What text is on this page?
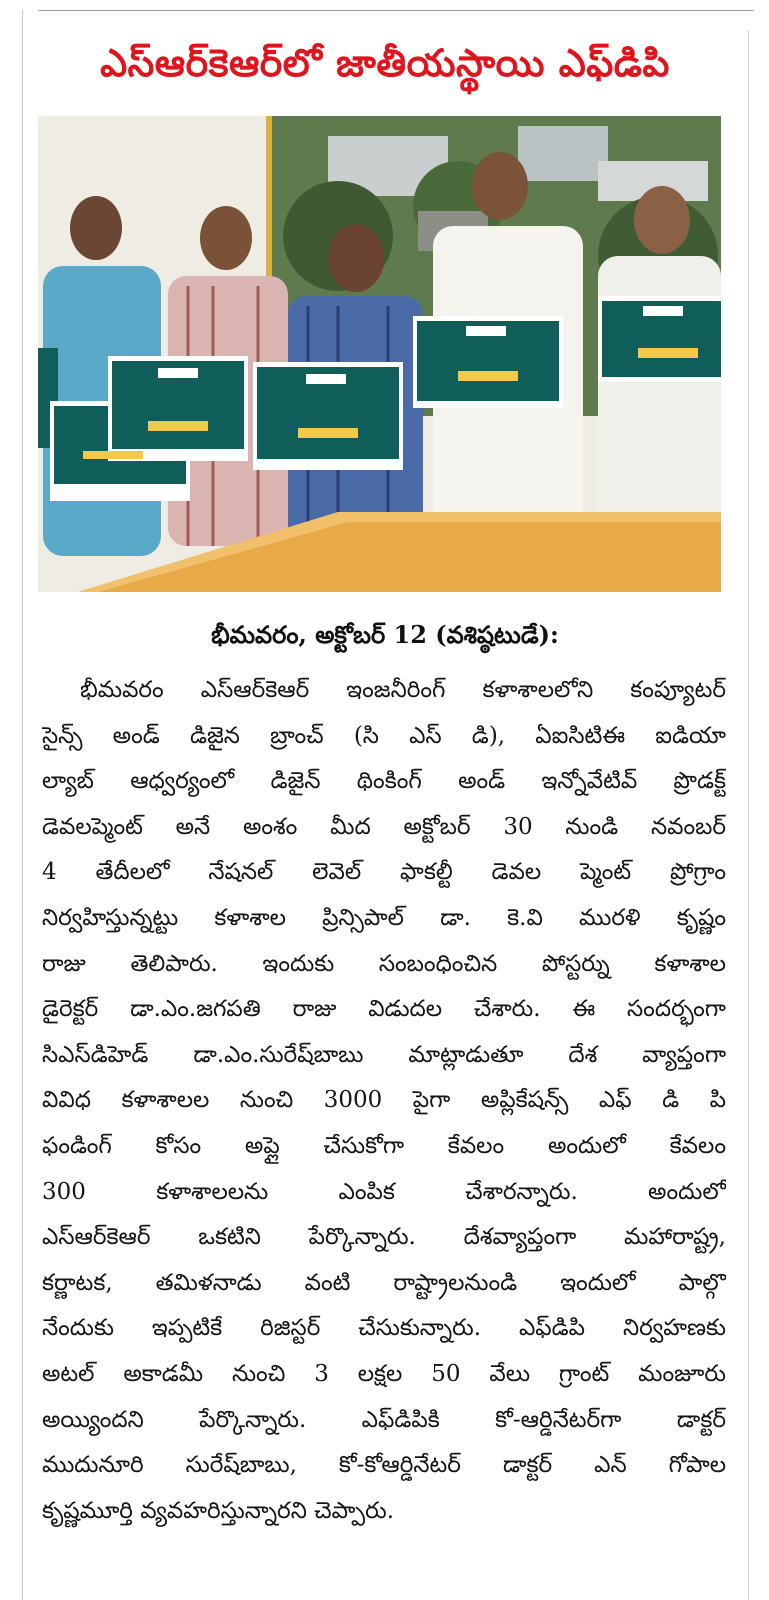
ఎస్ఆర్‌కెఆర్‌లో జాతీయస్థాయి ఎఫ్‌డిపి
భీమవరం, అక్టోబర్ 12 (వశిష్ఠటుడే):
భీమవరం ఎస్ఆర్‌కెఆర్ ఇంజనీరింగ్ కళాశాలలోని కంప్యూటర్
సైన్స్ అండ్ డిజైన బ్రాంచ్ (సి ఎస్ డి), ఏఐసిటిఈ ఐడియా
ల్యాబ్ ఆధ్వర్యంలో డిజైన్ థింకింగ్ అండ్ ఇన్నోవేటివ్ ప్రొడక్ట్
డెవలప్మెంట్ అనే అంశం మీద అక్టోబర్ 30 నుండి నవంబర్
4 తేదీలలో నేషనల్ లెవెల్ ఫాకల్టీ డెవల ప్మెంట్ ప్రోగ్రాం
నిర్వహిస్తున్నట్టు కళాశాల ప్రిన్సిపాల్ డా. కె.వి మురళి కృష్ణం
రాజు తెలిపారు. ఇందుకు సంబంధించిన పోస్టర్ను కళాశాల
డైరెక్టర్ డా.ఎం.జగపతి రాజు విడుదల చేశారు. ఈ సందర్భంగా
సిఎస్‌డిహెడ్ డా.ఎం.సురేష్‌బాబు మాట్లాడుతూ దేశ వ్యాప్తంగా
వివిధ కళాశాలల నుంచి 3000 పైగా అప్లికేషన్స్ ఎఫ్ డి పి
ఫండింగ్ కోసం అప్లై చేసుకోగా కేవలం అందులో కేవలం
300 కళాశాలలను ఎంపిక చేశారన్నారు. అందులో
ఎస్ఆర్‌కెఆర్ ఒకటిని పేర్కొన్నారు. దేశవ్యాప్తంగా మహారాష్ట్ర,
కర్ణాటక, తమిళనాడు వంటి రాష్ట్రాలనుండి ఇందులో పాల్గొ
నేందుకు ఇప్పటికే రిజిస్టర్ చేసుకున్నారు. ఎఫ్‌డిపి నిర్వహణకు
అటల్ అకాడమీ నుంచి 3 లక్షల 50 వేలు గ్రాంట్ మంజూరు
అయ్యిందని పేర్కొన్నారు. ఎఫ్‌డిపికి కో-ఆర్డినేటర్‌గా డాక్టర్
ముదునూరి సురేష్‌బాబు, కో-కోఆర్డినేటర్ డాక్టర్ ఎన్ గోపాల
కృష్ణమూర్తి వ్యవహరిస్తున్నారని చెప్పారు.
